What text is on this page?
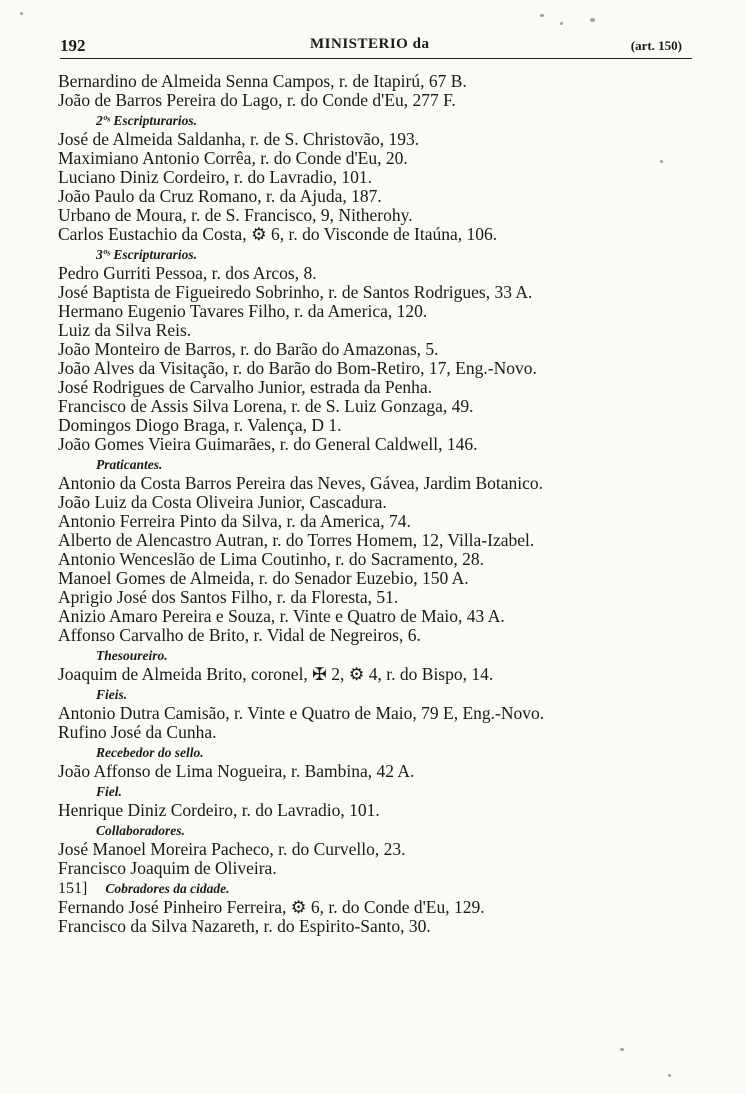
192	MINISTERIO da	(art. 150)
Bernardino de Almeida Senna Campos, r. de Itapirú, 67 B.
João de Barros Pereira do Lago, r. do Conde d'Eu, 277 F.
2ºˢ Escripturarios.
José de Almeida Saldanha, r. de S. Christovão, 193.
Maximiano Antonio Corrêa, r. do Conde d'Eu, 20.
Luciano Diniz Cordeiro, r. do Lavradio, 101.
João Paulo da Cruz Romano, r. da Ajuda, 187.
Urbano de Moura, r. de S. Francisco, 9, Nitherohy.
Carlos Eustachio da Costa, ⚙ 6, r. do Visconde de Itaúna, 106.
3ºˢ Escripturarios.
Pedro Gurriti Pessoa, r. dos Arcos, 8.
José Baptista de Figueiredo Sobrinho, r. de Santos Rodrigues, 33 A.
Hermano Eugenio Tavares Filho, r. da America, 120.
Luiz da Silva Reis.
João Monteiro de Barros, r. do Barão do Amazonas, 5.
João Alves da Visitação, r. do Barão do Bom-Retiro, 17, Eng.-Novo.
José Rodrigues de Carvalho Junior, estrada da Penha.
Francisco de Assis Silva Lorena, r. de S. Luiz Gonzaga, 49.
Domingos Diogo Braga, r. Valença, D 1.
João Gomes Vieira Guimarães, r. do General Caldwell, 146.
Praticantes.
Antonio da Costa Barros Pereira das Neves, Gávea, Jardim Botanico.
João Luiz da Costa Oliveira Junior, Cascadura.
Antonio Ferreira Pinto da Silva, r. da America, 74.
Alberto de Alencastro Autran, r. do Torres Homem, 12, Villa-Izabel.
Antonio Wenceslão de Lima Coutinho, r. do Sacramento, 28.
Manoel Gomes de Almeida, r. do Senador Euzebio, 150 A.
Aprigio José dos Santos Filho, r. da Floresta, 51.
Anizio Amaro Pereira e Souza, r. Vinte e Quatro de Maio, 43 A.
Affonso Carvalho de Brito, r. Vidal de Negreiros, 6.
Thesoureiro.
Joaquim de Almeida Brito, coronel, ✠ 2, ⚙ 4, r. do Bispo, 14.
Fieis.
Antonio Dutra Camisão, r. Vinte e Quatro de Maio, 79 E, Eng.-Novo.
Rufino José da Cunha.
Recebedor do sello.
João Affonso de Lima Nogueira, r. Bambina, 42 A.
Fiel.
Henrique Diniz Cordeiro, r. do Lavradio, 101.
Collaboradores.
José Manoel Moreira Pacheco, r. do Curvello, 23.
Francisco Joaquim de Oliveira.
151] Cobradores da cidade.
Fernando José Pinheiro Ferreira, ⚙ 6, r. do Conde d'Eu, 129.
Francisco da Silva Nazareth, r. do Espirito-Santo, 30.
